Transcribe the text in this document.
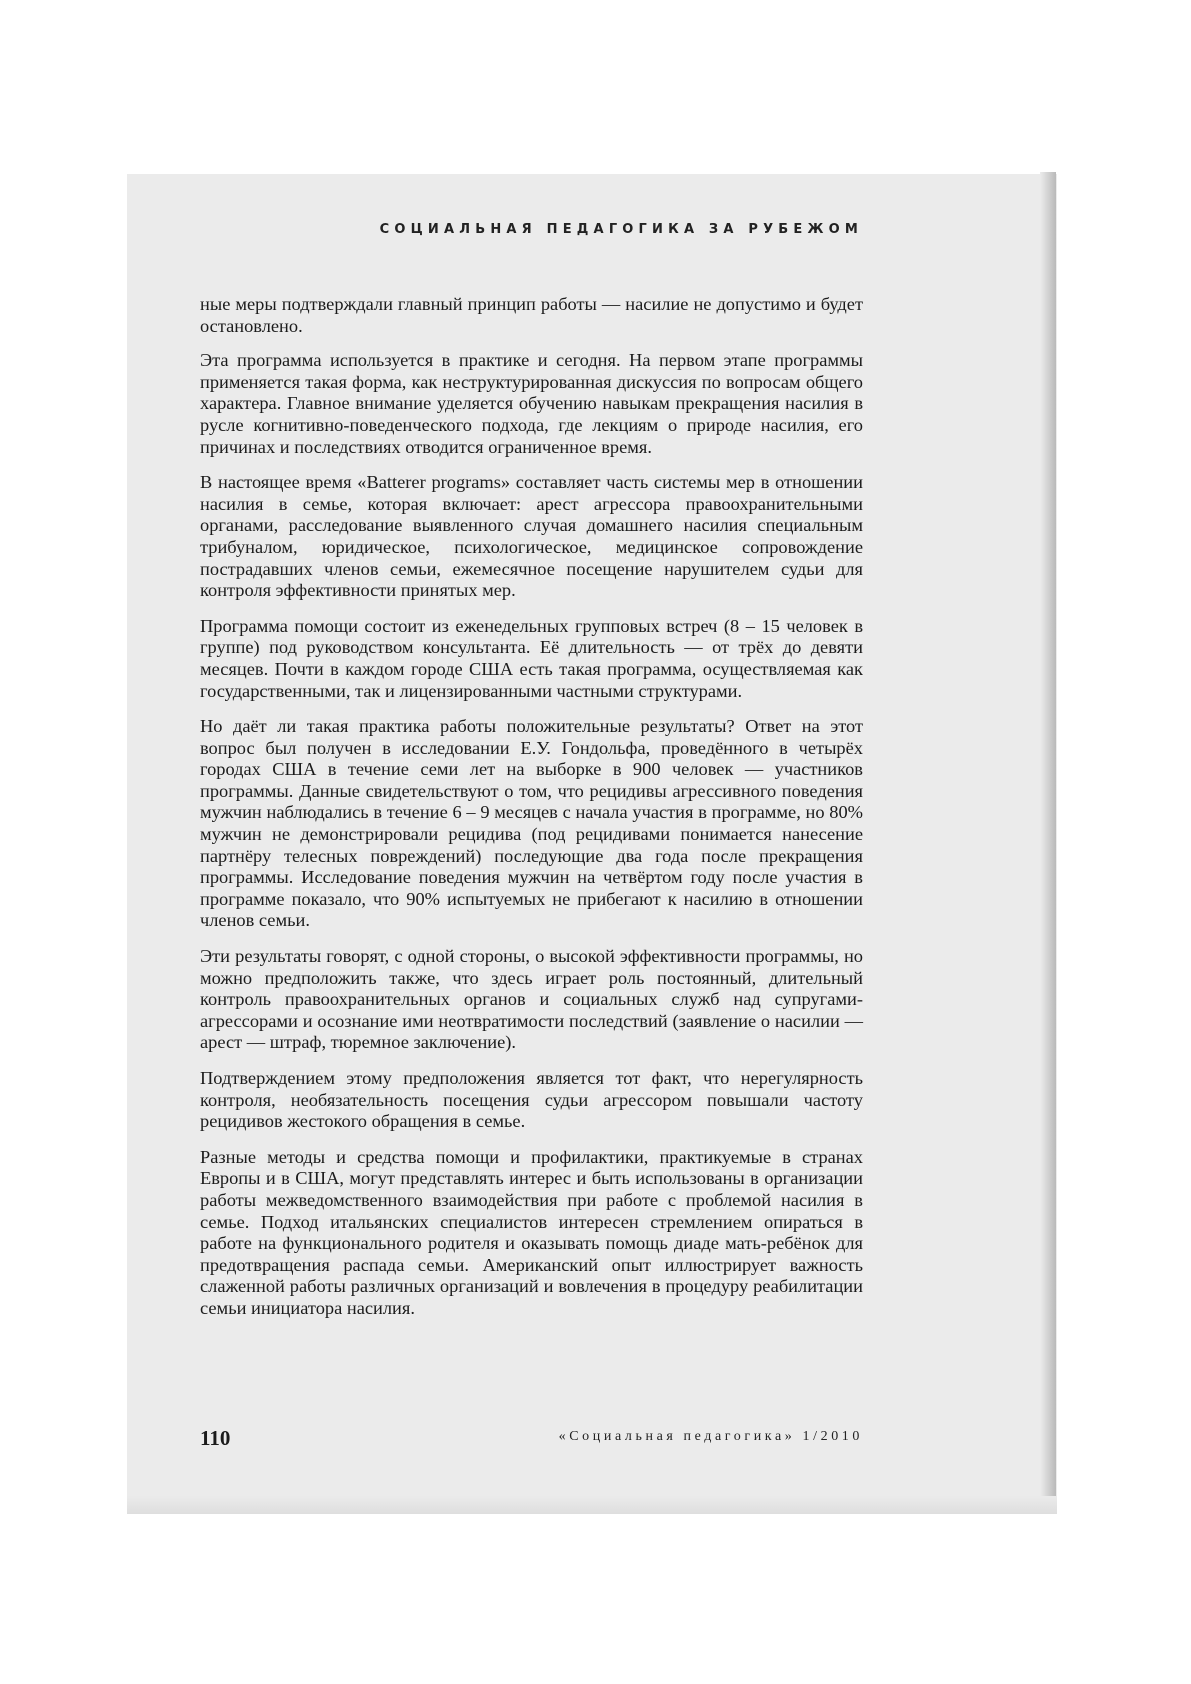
СОЦИАЛЬНАЯ ПЕДАГОГИКА ЗА РУБЕЖОМ

ные меры подтверждали главный принцип работы — насилие не допустимо и будет остановлено.

Эта программа используется в практике и сегодня. На первом этапе программы применяется такая форма, как неструктурированная дискуссия по вопросам общего характера. Главное внимание уделяется обучению навыкам прекращения насилия в русле когнитивно-поведенческого подхода, где лекциям о природе насилия, его причинах и последствиях отводится ограниченное время.

В настоящее время «Batterer programs» составляет часть системы мер в отношении насилия в семье, которая включает: арест агрессора правоохранительными органами, расследование выявленного случая домашнего насилия специальным трибуналом, юридическое, психологическое, медицинское сопровождение пострадавших членов семьи, ежемесячное посещение нарушителем судьи для контроля эффективности принятых мер.

Программа помощи состоит из еженедельных групповых встреч (8 – 15 человек в группе) под руководством консультанта. Её длительность — от трёх до девяти месяцев. Почти в каждом городе США есть такая программа, осуществляемая как государственными, так и лицензированными частными структурами.

Но даёт ли такая практика работы положительные результаты? Ответ на этот вопрос был получен в исследовании Е.У. Гондольфа, проведённого в четырёх городах США в течение семи лет на выборке в 900 человек — участников программы. Данные свидетельствуют о том, что рецидивы агрессивного поведения мужчин наблюдались в течение 6 – 9 месяцев с начала участия в программе, но 80% мужчин не демонстрировали рецидива (под рецидивами понимается нанесение партнёру телесных повреждений) последующие два года после прекращения программы. Исследование поведения мужчин на четвёртом году после участия в программе показало, что 90% испытуемых не прибегают к насилию в отношении членов семьи.

Эти результаты говорят, с одной стороны, о высокой эффективности программы, но можно предположить также, что здесь играет роль постоянный, длительный контроль правоохранительных органов и социальных служб над супругами-агрессорами и осознание ими неотвратимости последствий (заявление о насилии — арест — штраф, тюремное заключение).

Подтверждением этому предположения является тот факт, что нерегулярность контроля, необязательность посещения судьи агрессором повышали частоту рецидивов жестокого обращения в семье.

Разные методы и средства помощи и профилактики, практикуемые в странах Европы и в США, могут представлять интерес и быть использованы в организации работы межведомственного взаимодействия при работе с проблемой насилия в семье. Подход итальянских специалистов интересен стремлением опираться в работе на функционального родителя и оказывать помощь диаде мать-ребёнок для предотвращения распада семьи. Американский опыт иллюстрирует важность слаженной работы различных организаций и вовлечения в процедуру реабилитации семьи инициатора насилия.

110	«Социальная педагогика» 1/2010
